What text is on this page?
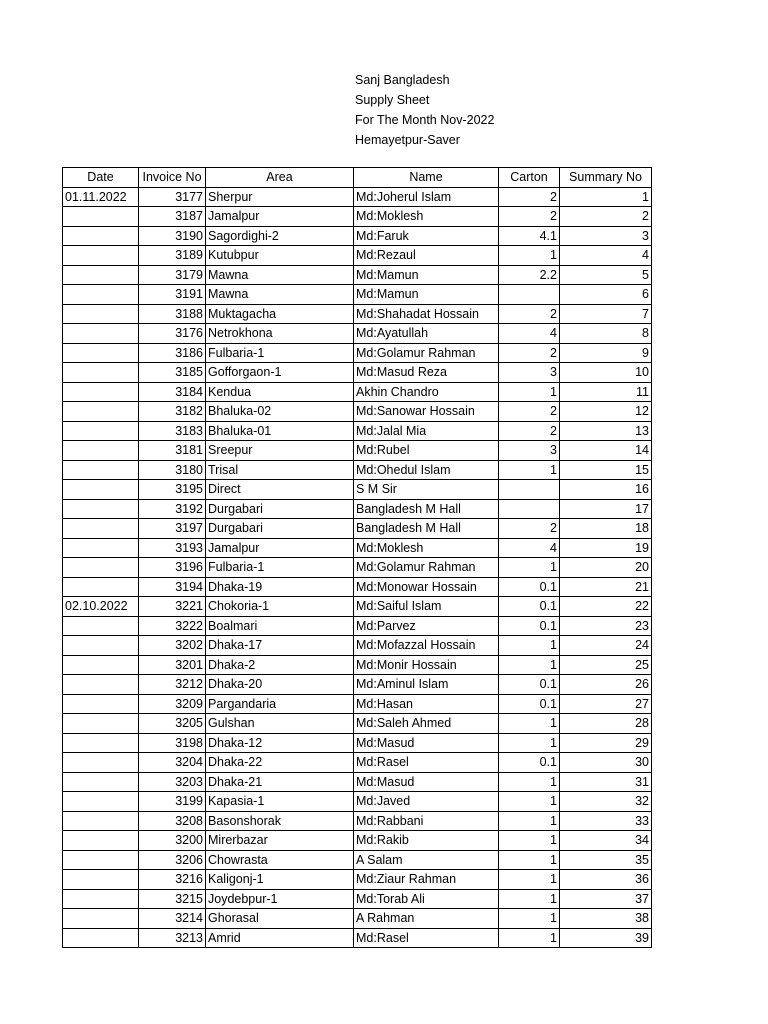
Sanj Bangladesh
Supply Sheet
For The Month Nov-2022
Hemayetpur-Saver
Date	Invoice No	Area	Name	Carton	Summary No
01.11.2022	3177	Sherpur	Md:Joherul Islam	2	1
	3187	Jamalpur	Md:Moklesh	2	2
	3190	Sagordighi-2	Md:Faruk	4.1	3
	3189	Kutubpur	Md:Rezaul	1	4
	3179	Mawna	Md:Mamun	2.2	5
	3191	Mawna	Md:Mamun		6
	3188	Muktagacha	Md:Shahadat Hossain	2	7
	3176	Netrokhona	Md:Ayatullah	4	8
	3186	Fulbaria-1	Md:Golamur Rahman	2	9
	3185	Gofforgaon-1	Md:Masud Reza	3	10
	3184	Kendua	Akhin Chandro	1	11
	3182	Bhaluka-02	Md:Sanowar Hossain	2	12
	3183	Bhaluka-01	Md:Jalal Mia	2	13
	3181	Sreepur	Md:Rubel	3	14
	3180	Trisal	Md:Ohedul Islam	1	15
	3195	Direct	S M Sir		16
	3192	Durgabari	Bangladesh M Hall		17
	3197	Durgabari	Bangladesh M Hall	2	18
	3193	Jamalpur	Md:Moklesh	4	19
	3196	Fulbaria-1	Md:Golamur Rahman	1	20
	3194	Dhaka-19	Md:Monowar Hossain	0.1	21
02.10.2022	3221	Chokoria-1	Md:Saiful Islam	0.1	22
	3222	Boalmari	Md:Parvez	0.1	23
	3202	Dhaka-17	Md:Mofazzal Hossain	1	24
	3201	Dhaka-2	Md:Monir Hossain	1	25
	3212	Dhaka-20	Md:Aminul Islam	0.1	26
	3209	Pargandaria	Md:Hasan	0.1	27
	3205	Gulshan	Md:Saleh Ahmed	1	28
	3198	Dhaka-12	Md:Masud	1	29
	3204	Dhaka-22	Md:Rasel	0.1	30
	3203	Dhaka-21	Md:Masud	1	31
	3199	Kapasia-1	Md:Javed	1	32
	3208	Basonshorak	Md:Rabbani	1	33
	3200	Mirerbazar	Md:Rakib	1	34
	3206	Chowrasta	A Salam	1	35
	3216	Kaligonj-1	Md:Ziaur Rahman	1	36
	3215	Joydebpur-1	Md:Torab Ali	1	37
	3214	Ghorasal	A Rahman	1	38
	3213	Amrid	Md:Rasel	1	39
